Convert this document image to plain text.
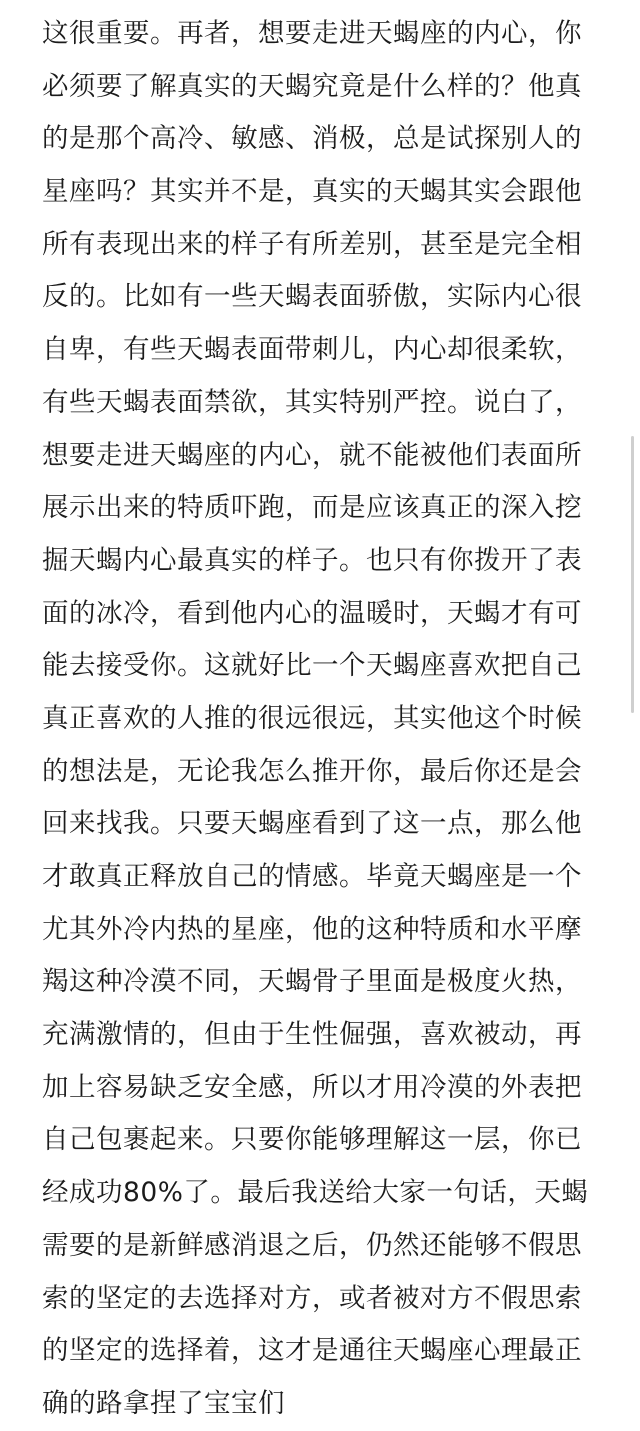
这很重要。再者，想要走进天蝎座的内心，你
必须要了解真实的天蝎究竟是什么样的？他真
的是那个高冷、敏感、消极，总是试探别人的
星座吗？其实并不是，真实的天蝎其实会跟他
所有表现出来的样子有所差别，甚至是完全相
反的。比如有一些天蝎表面骄傲，实际内心很
自卑，有些天蝎表面带刺儿，内心却很柔软，
有些天蝎表面禁欲，其实特别严控。说白了，
想要走进天蝎座的内心，就不能被他们表面所
展示出来的特质吓跑，而是应该真正的深入挖
掘天蝎内心最真实的样子。也只有你拨开了表
面的冰冷，看到他内心的温暖时，天蝎才有可
能去接受你。这就好比一个天蝎座喜欢把自己
真正喜欢的人推的很远很远，其实他这个时候
的想法是，无论我怎么推开你，最后你还是会
回来找我。只要天蝎座看到了这一点，那么他
才敢真正释放自己的情感。毕竟天蝎座是一个
尤其外冷内热的星座，他的这种特质和水平摩
羯这种冷漠不同，天蝎骨子里面是极度火热，
充满激情的，但由于生性倔强，喜欢被动，再
加上容易缺乏安全感，所以才用冷漠的外表把
自己包裹起来。只要你能够理解这一层，你已
经成功80%了。最后我送给大家一句话，天蝎
需要的是新鲜感消退之后，仍然还能够不假思
索的坚定的去选择对方，或者被对方不假思索
的坚定的选择着，这才是通往天蝎座心理最正
确的路拿捏了宝宝们
